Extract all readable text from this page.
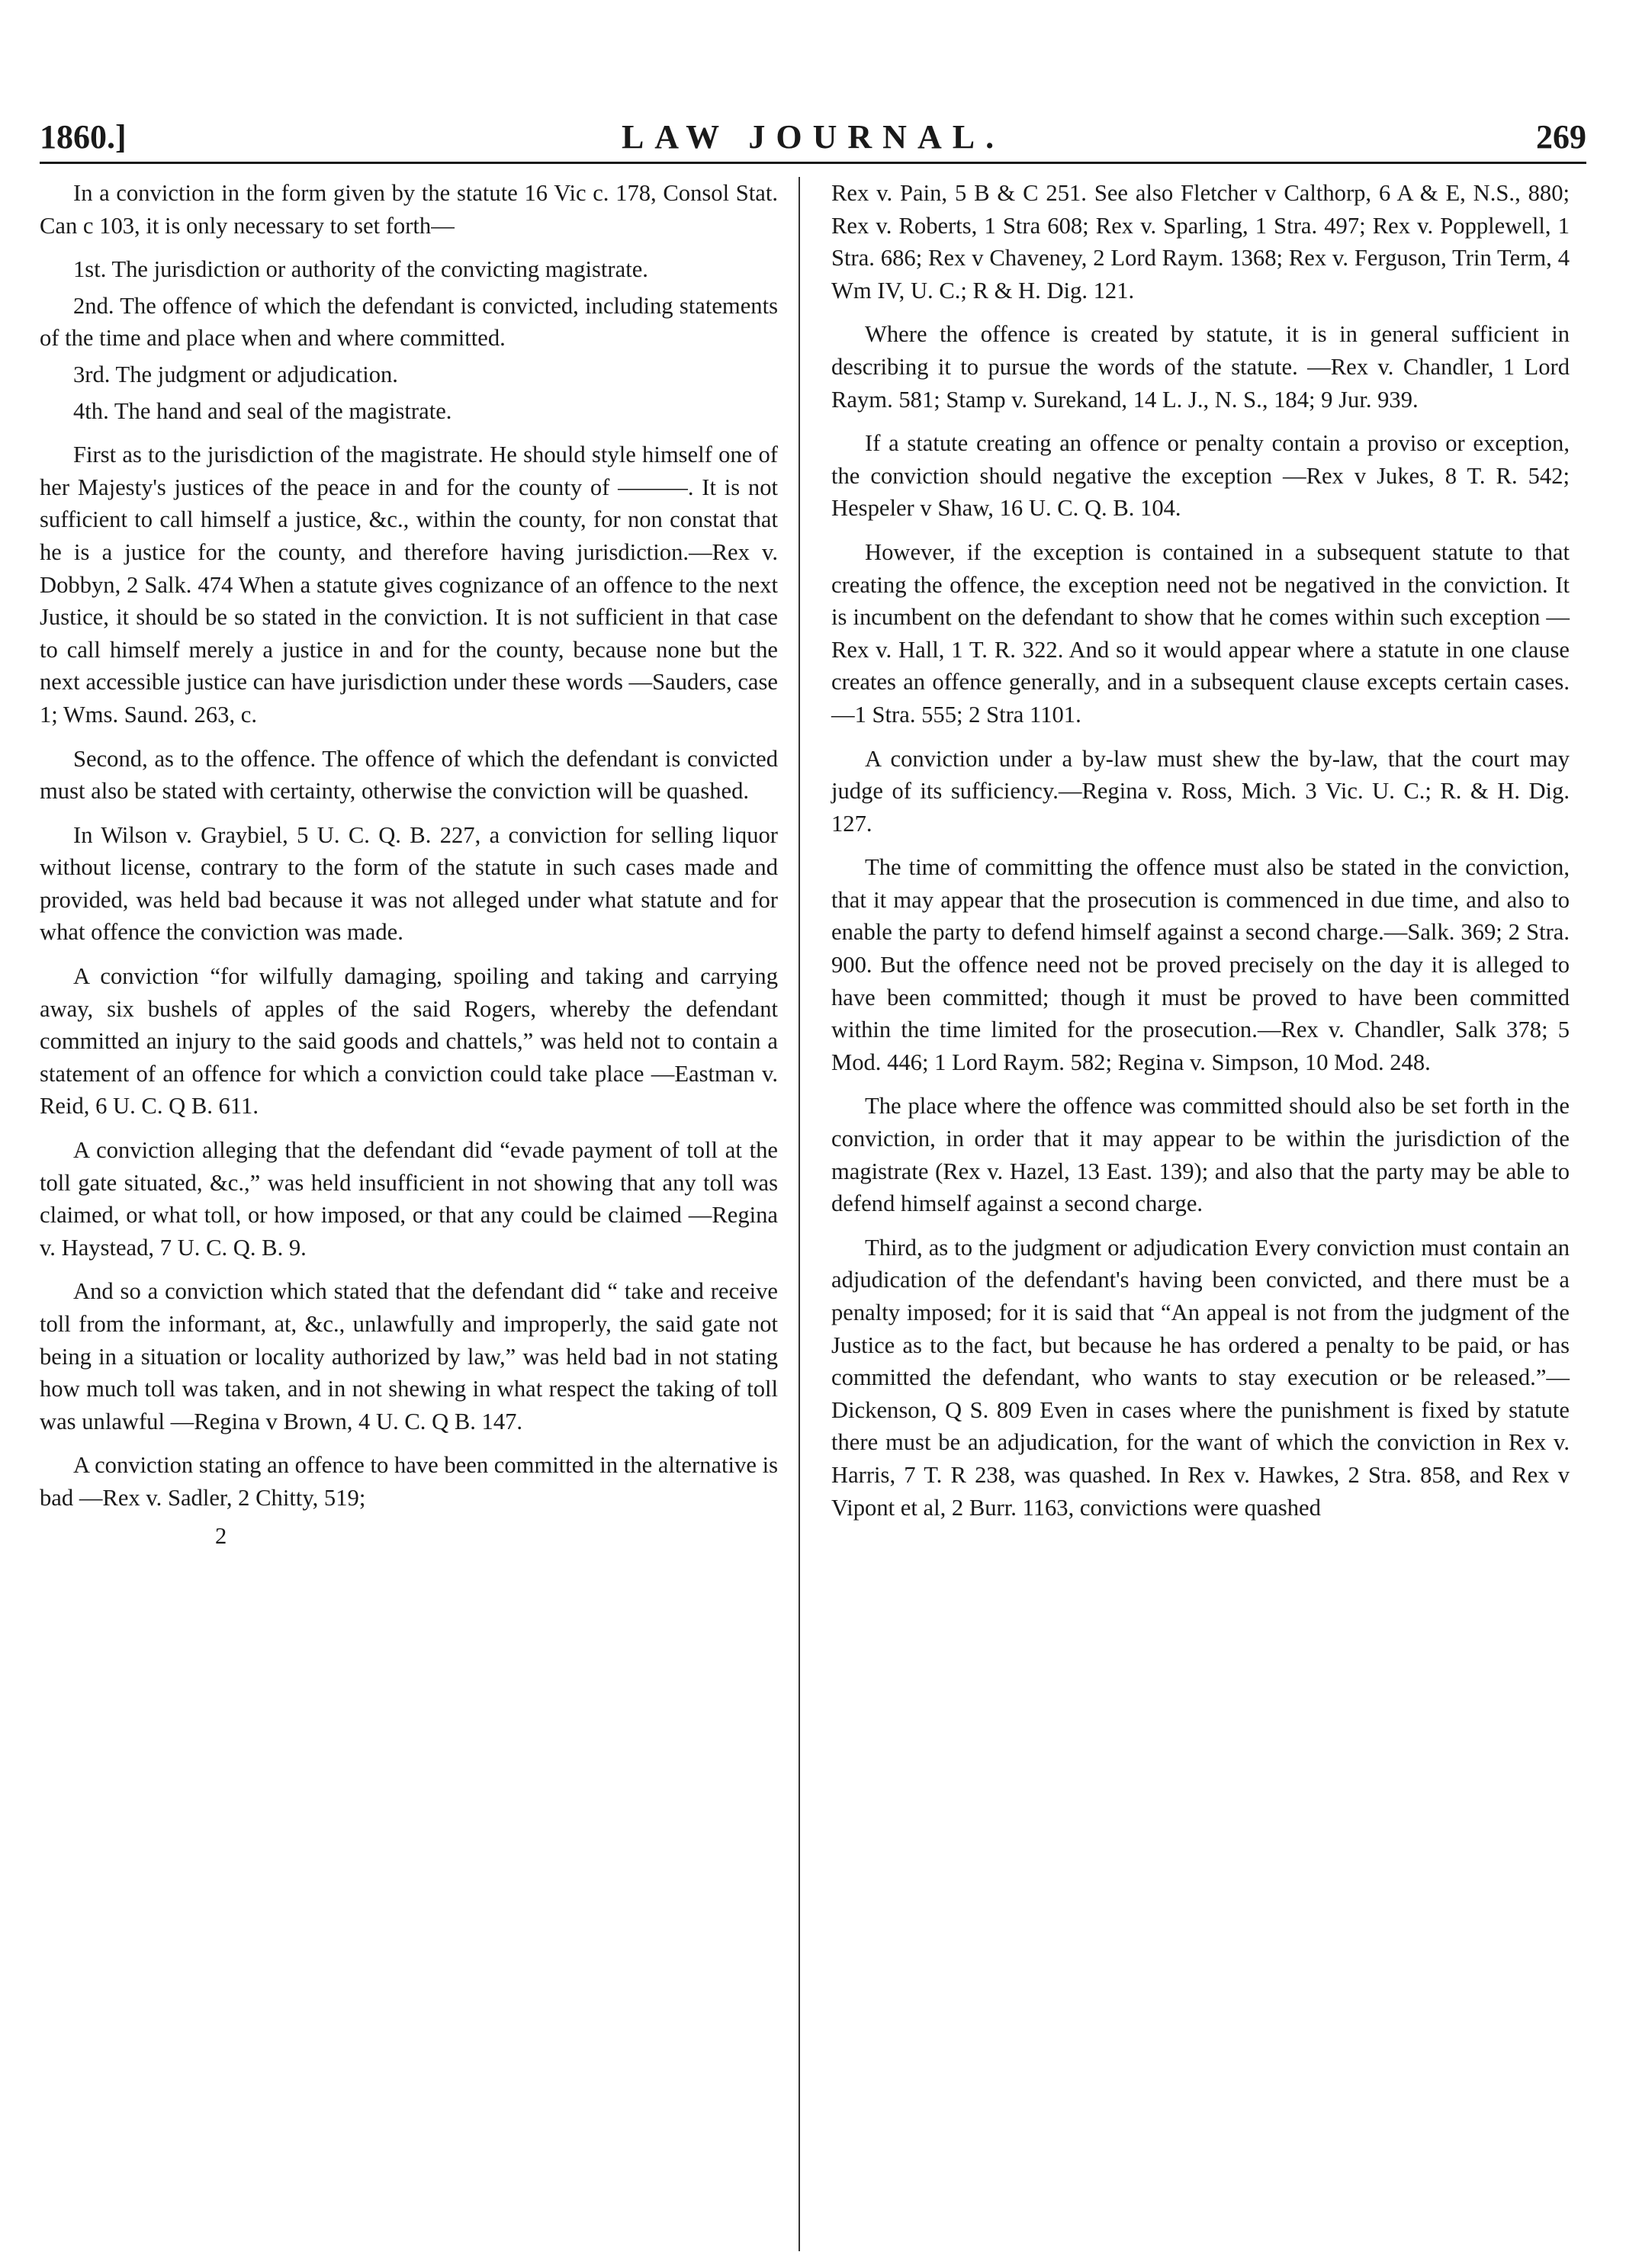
1860.]	LAW JOURNAL.	269

In a conviction in the form given by the statute 16 Vic c. 178, Consol Stat. Can c 103, it is only necessary to set forth—

1st. The jurisdiction or authority of the convicting magistrate.

2nd. The offence of which the defendant is convicted, including statements of the time and place when and where committed.

3rd. The judgment or adjudication.

4th. The hand and seal of the magistrate.

First as to the jurisdiction of the magistrate. He should style himself one of her Majesty's justices of the peace in and for the county of ———. It is not sufficient to call himself a justice, &c., within the county, for non constat that he is a justice for the county, and therefore having jurisdiction.—Rex v. Dobbyn, 2 Salk. 474 When a statute gives cognizance of an offence to the next Justice, it should be so stated in the conviction. It is not sufficient in that case to call himself merely a justice in and for the county, because none but the next accessible justice can have jurisdiction under these words —Sauders, case 1; Wms. Saund. 263, c.

Second, as to the offence. The offence of which the defendant is convicted must also be stated with certainty, otherwise the conviction will be quashed.

In Wilson v. Graybiel, 5 U. C. Q. B. 227, a conviction for selling liquor without license, contrary to the form of the statute in such cases made and provided, was held bad because it was not alleged under what statute and for what offence the conviction was made.

A conviction “for wilfully damaging, spoiling and taking and carrying away, six bushels of apples of the said Rogers, whereby the defendant committed an injury to the said goods and chattels,” was held not to contain a statement of an offence for which a conviction could take place —Eastman v. Reid, 6 U. C. Q B. 611.

A conviction alleging that the defendant did “evade payment of toll at the toll gate situated, &c.,” was held insufficient in not showing that any toll was claimed, or what toll, or how imposed, or that any could be claimed —Regina v. Haystead, 7 U. C. Q. B. 9.

And so a conviction which stated that the defendant did “ take and receive toll from the informant, at, &c., unlawfully and improperly, the said gate not being in a situation or locality authorized by law,” was held bad in not stating how much toll was taken, and in not shewing in what respect the taking of toll was unlawful —Regina v Brown, 4 U. C. Q B. 147.

A conviction stating an offence to have been committed in the alternative is bad —Rex v. Sadler, 2 Chitty, 519;

2

Rex v. Pain, 5 B & C 251. See also Fletcher v Calthorp, 6 A & E, N.S., 880; Rex v. Roberts, 1 Stra 608; Rex v. Sparling, 1 Stra. 497; Rex v. Popplewell, 1 Stra. 686; Rex v Chaveney, 2 Lord Raym. 1368; Rex v. Ferguson, Trin Term, 4 Wm IV, U. C.; R & H. Dig. 121.

Where the offence is created by statute, it is in general sufficient in describing it to pursue the words of the statute. —Rex v. Chandler, 1 Lord Raym. 581; Stamp v. Surekand, 14 L. J., N. S., 184; 9 Jur. 939.

If a statute creating an offence or penalty contain a proviso or exception, the conviction should negative the exception —Rex v Jukes, 8 T. R. 542; Hespeler v Shaw, 16 U. C. Q. B. 104.

However, if the exception is contained in a subsequent statute to that creating the offence, the exception need not be negatived in the conviction. It is incumbent on the defendant to show that he comes within such exception — Rex v. Hall, 1 T. R. 322. And so it would appear where a statute in one clause creates an offence generally, and in a subsequent clause excepts certain cases.—1 Stra. 555; 2 Stra 1101.

A conviction under a by-law must shew the by-law, that the court may judge of its sufficiency.—Regina v. Ross, Mich. 3 Vic. U. C.; R. & H. Dig. 127.

The time of committing the offence must also be stated in the conviction, that it may appear that the prosecution is commenced in due time, and also to enable the party to defend himself against a second charge.—Salk. 369; 2 Stra. 900. But the offence need not be proved precisely on the day it is alleged to have been committed; though it must be proved to have been committed within the time limited for the prosecution.—Rex v. Chandler, Salk 378; 5 Mod. 446; 1 Lord Raym. 582; Regina v. Simpson, 10 Mod. 248.

The place where the offence was committed should also be set forth in the conviction, in order that it may appear to be within the jurisdiction of the magistrate (Rex v. Hazel, 13 East. 139); and also that the party may be able to defend himself against a second charge.

Third, as to the judgment or adjudication Every conviction must contain an adjudication of the defendant's having been convicted, and there must be a penalty imposed; for it is said that “An appeal is not from the judgment of the Justice as to the fact, but because he has ordered a penalty to be paid, or has committed the defendant, who wants to stay execution or be released.”—Dickenson, Q S. 809 Even in cases where the punishment is fixed by statute there must be an adjudication, for the want of which the conviction in Rex v. Harris, 7 T. R 238, was quashed. In Rex v. Hawkes, 2 Stra. 858, and Rex v Vipont et al, 2 Burr. 1163, convictions were quashed
